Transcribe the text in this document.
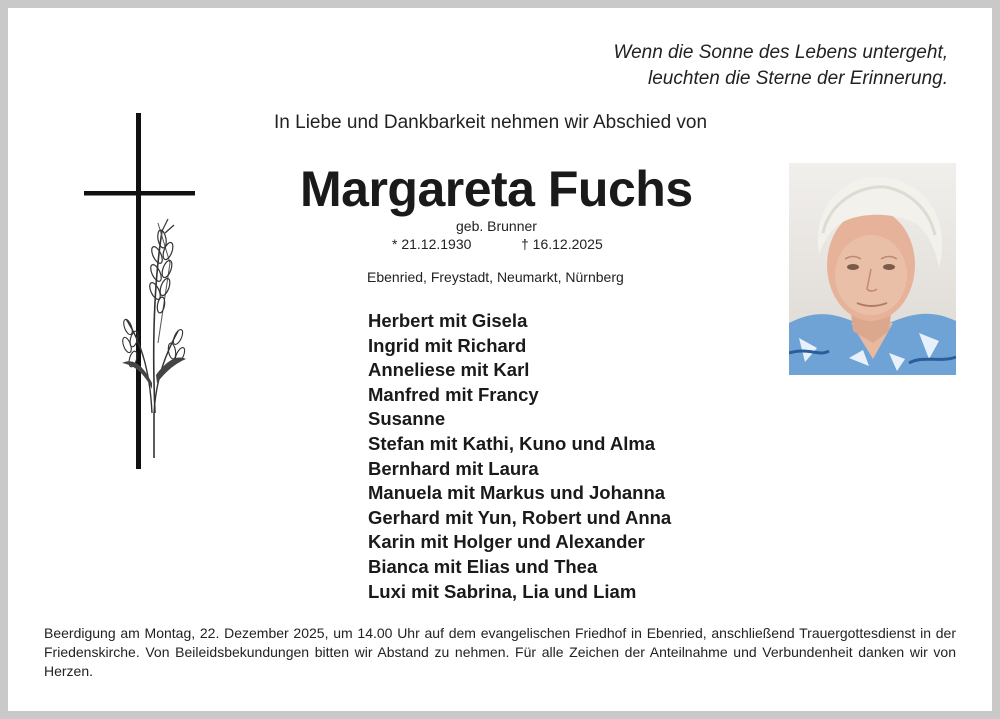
Wenn die Sonne des Lebens untergeht,
leuchten die Sterne der Erinnerung.
In Liebe und Dankbarkeit nehmen wir Abschied von
Margareta Fuchs
geb. Brunner
* 21.12.1930	† 16.12.2025
Ebenried, Freystadt, Neumarkt, Nürnberg
Herbert mit Gisela
Ingrid mit Richard
Anneliese mit Karl
Manfred mit Francy
Susanne
Stefan mit Kathi, Kuno und Alma
Bernhard mit Laura
Manuela mit Markus und Johanna
Gerhard mit Yun, Robert und Anna
Karin mit Holger und Alexander
Bianca mit Elias und Thea
Luxi mit Sabrina, Lia und Liam
Beerdigung am Montag, 22. Dezember 2025, um 14.00 Uhr auf dem evangelischen Friedhof in Ebenried, anschließend Trauergottesdienst in der Friedenskirche. Von Beileidsbekundungen bitten wir Abstand zu nehmen. Für alle Zeichen der Anteilnahme und Verbundenheit danken wir von Herzen.
